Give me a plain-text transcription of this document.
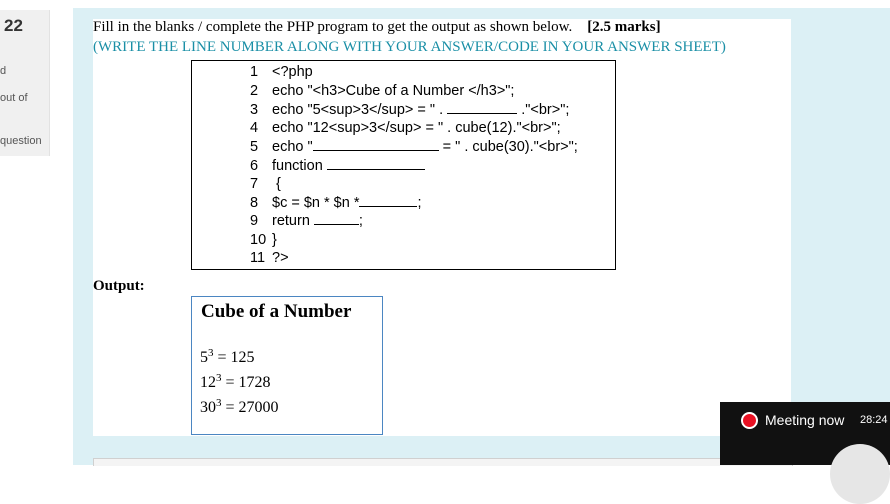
22
d
out of
question
Fill in the blanks / complete the PHP program to get the output as shown below. [2.5 marks]
(WRITE THE LINE NUMBER ALONG WITH YOUR ANSWER/CODE IN YOUR ANSWER SHEET)
1 <?php
2 echo "<h3>Cube of a Number </h3>";
3 echo "5<sup>3</sup> = " .	."<br>";
4 echo "12<sup>3</sup> = " . cube(12)."<br>";
5 echo "	= " . cube(30)."<br>";
6 function
7 {
8 $c = $n * $n *	;
9 return	;
10 }
11 ?>
Output:
Cube of a Number
$5^3 = 125$
$12^3 = 1728$
$30^3 = 27000$
Meeting now 28:24
